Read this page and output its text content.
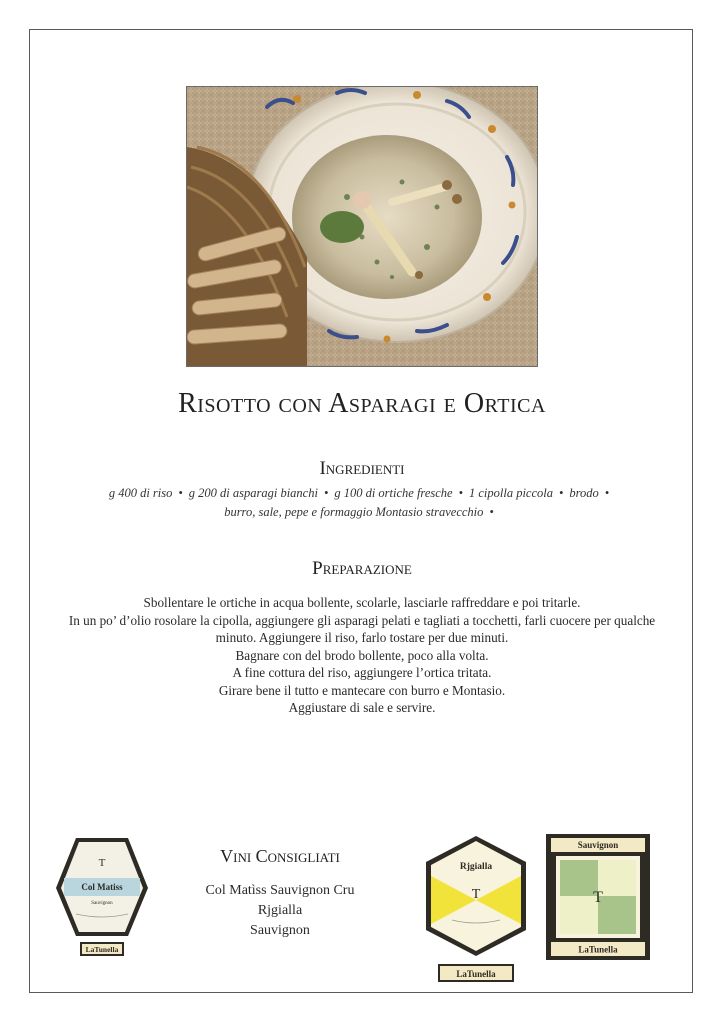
Risotto con Asparagi e Ortica
Ingredienti
g 400 di riso • g 200 di asparagi bianchi • g 100 di ortiche fresche • 1 cipolla piccola • brodo •
burro, sale, pepe e formaggio Montasio stravecchio •
Preparazione
Sbollentare le ortiche in acqua bollente, scolarle, lasciarle raffreddare e poi tritarle.
In un po’ d’olio rosolare la cipolla, aggiungere gli asparagi pelati e tagliati a tocchetti, farli cuocere per qualche
minuto. Aggiungere il riso, farlo tostare per due minuti.
Bagnare con del brodo bollente, poco alla volta.
A fine cottura del riso, aggiungere l’ortica tritata.
Girare bene il tutto e mantecare con burro e Montasio.
Aggiustare di sale e servire.
T
Col Matiss
Sauvignon
LaTunella
Vini Consigliati
Col Matìss Sauvignon Cru
Rjgialla
Sauvignon
Rjgialla
T
LaTunella
Sauvignon
T
LaTunella
